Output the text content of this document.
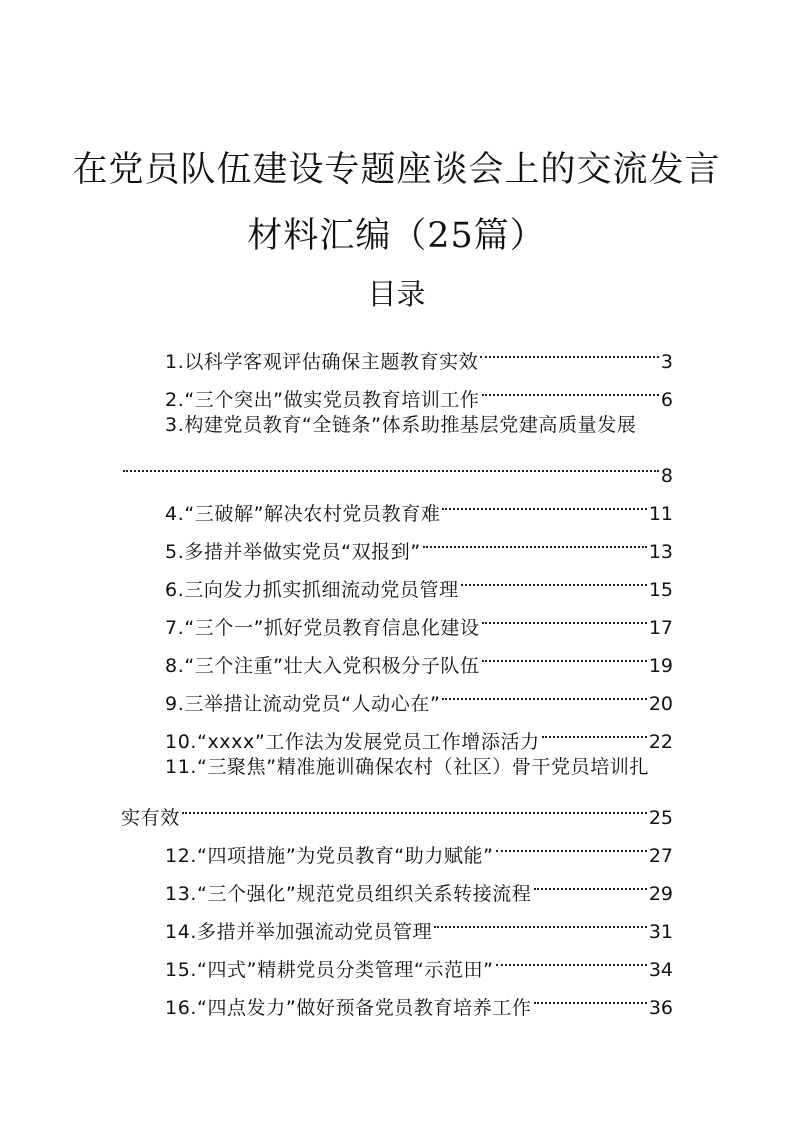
在党员队伍建设专题座谈会上的交流发言
材料汇编（25篇）
目录
1.以科学客观评估确保主题教育实效	3
2.“三个突出”做实党员教育培训工作	6
3.构建党员教育“全链条”体系助推基层党建高质量发展
8
4.“三破解”解决农村党员教育难	11
5.多措并举做实党员“双报到”	13
6.三向发力抓实抓细流动党员管理	15
7.“三个一”抓好党员教育信息化建设	17
8.“三个注重”壮大入党积极分子队伍	19
9.三举措让流动党员“人动心在”	20
10.“xxxx”工作法为发展党员工作增添活力	22
11.“三聚焦”精准施训确保农村（社区）骨干党员培训扎
实有效	25
12.“四项措施”为党员教育“助力赋能”	27
13.“三个强化”规范党员组织关系转接流程	29
14.多措并举加强流动党员管理	31
15.“四式”精耕党员分类管理“示范田”	34
16.“四点发力”做好预备党员教育培养工作	36
